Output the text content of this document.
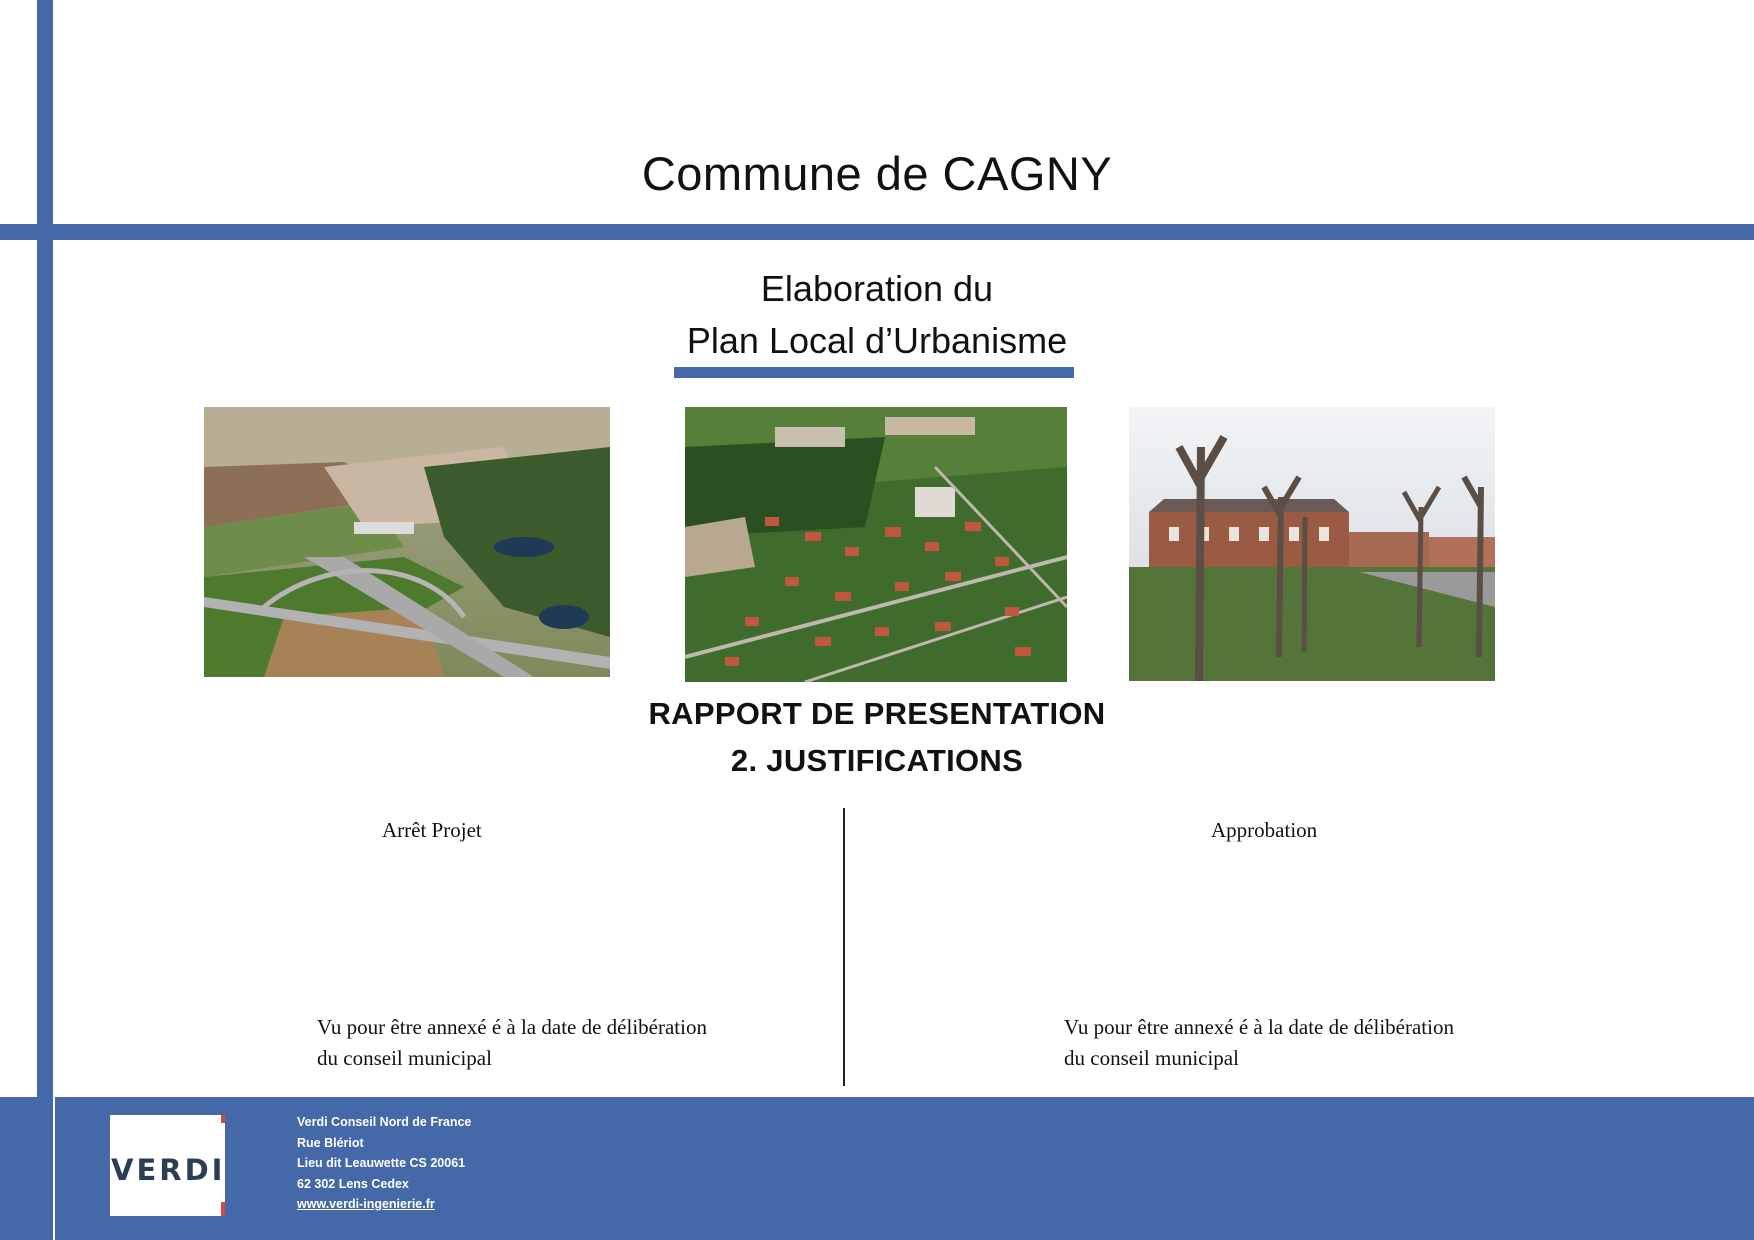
Commune de CAGNY
Elaboration du
Plan Local d’Urbanisme
RAPPORT DE PRESENTATION
2. JUSTIFICATIONS
Arrêt Projet	Approbation
Vu pour être annexé é à la date de délibération
du conseil municipal
Vu pour être annexé é à la date de délibération
du conseil municipal
VERDI
Verdi Conseil Nord de France
Rue Blériot
Lieu dit Leauwette CS 20061
62 302 Lens Cedex
www.verdi-ingenierie.fr
